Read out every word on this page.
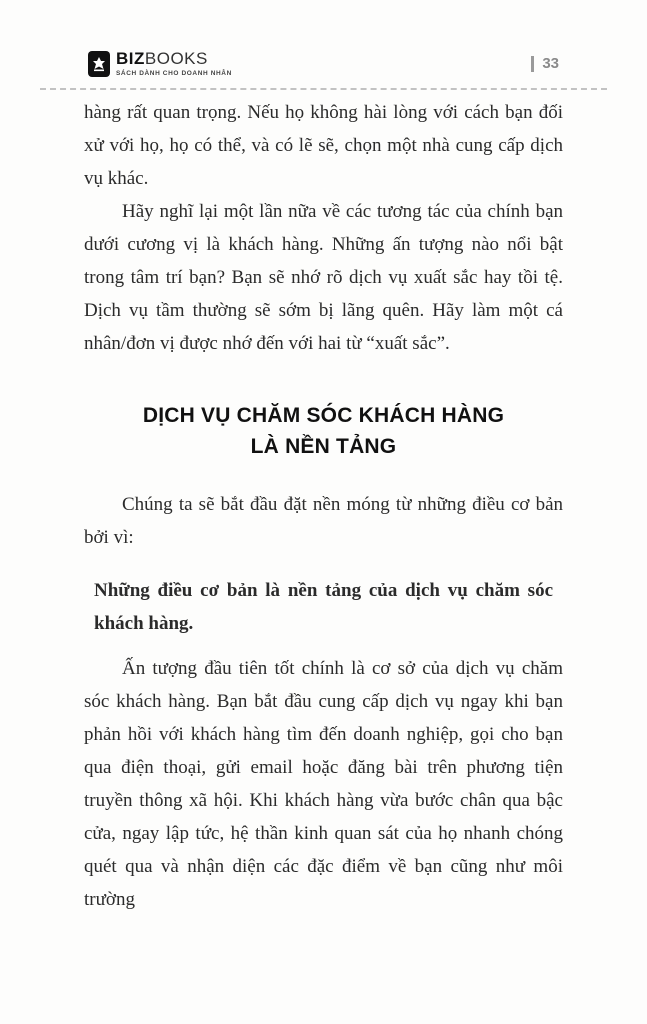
BIZBOOKS
SÁCH DÀNH CHO DOANH NHÂN
33

hàng rất quan trọng. Nếu họ không hài lòng với cách bạn đối xử với họ, họ có thể, và có lẽ sẽ, chọn một nhà cung cấp dịch vụ khác.

Hãy nghĩ lại một lần nữa về các tương tác của chính bạn dưới cương vị là khách hàng. Những ấn tượng nào nổi bật trong tâm trí bạn? Bạn sẽ nhớ rõ dịch vụ xuất sắc hay tồi tệ. Dịch vụ tầm thường sẽ sớm bị lãng quên. Hãy làm một cá nhân/đơn vị được nhớ đến với hai từ “xuất sắc”.

DỊCH VỤ CHĂM SÓC KHÁCH HÀNG
LÀ NỀN TẢNG

Chúng ta sẽ bắt đầu đặt nền móng từ những điều cơ bản bởi vì:

Những điều cơ bản là nền tảng của dịch vụ chăm sóc khách hàng.

Ấn tượng đầu tiên tốt chính là cơ sở của dịch vụ chăm sóc khách hàng. Bạn bắt đầu cung cấp dịch vụ ngay khi bạn phản hồi với khách hàng tìm đến doanh nghiệp, gọi cho bạn qua điện thoại, gửi email hoặc đăng bài trên phương tiện truyền thông xã hội. Khi khách hàng vừa bước chân qua bậc cửa, ngay lập tức, hệ thần kinh quan sát của họ nhanh chóng quét qua và nhận diện các đặc điểm về bạn cũng như môi trường
